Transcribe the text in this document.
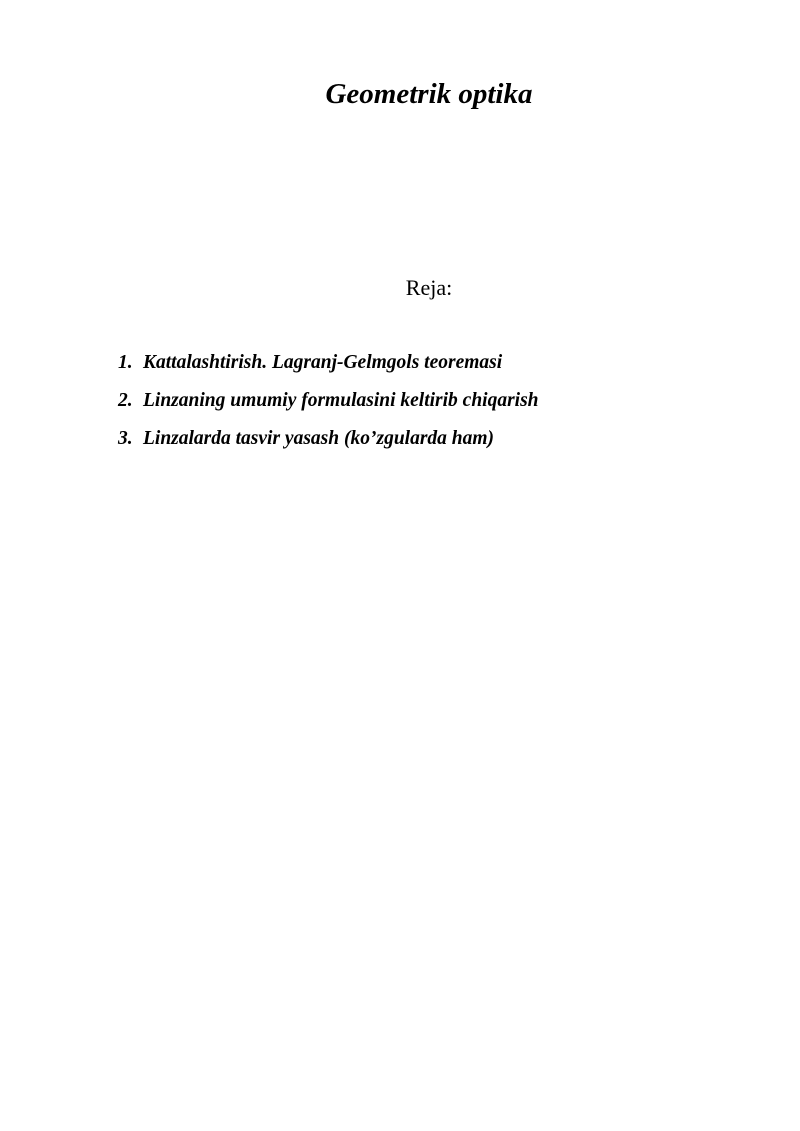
Geometrik optika

Reja:

1. Kattalashtirish. Lagranj-Gelmgols teoremasi
2. Linzaning umumiy formulasini keltirib chiqarish
3. Linzalarda tasvir yasash (ko’zgularda ham)
